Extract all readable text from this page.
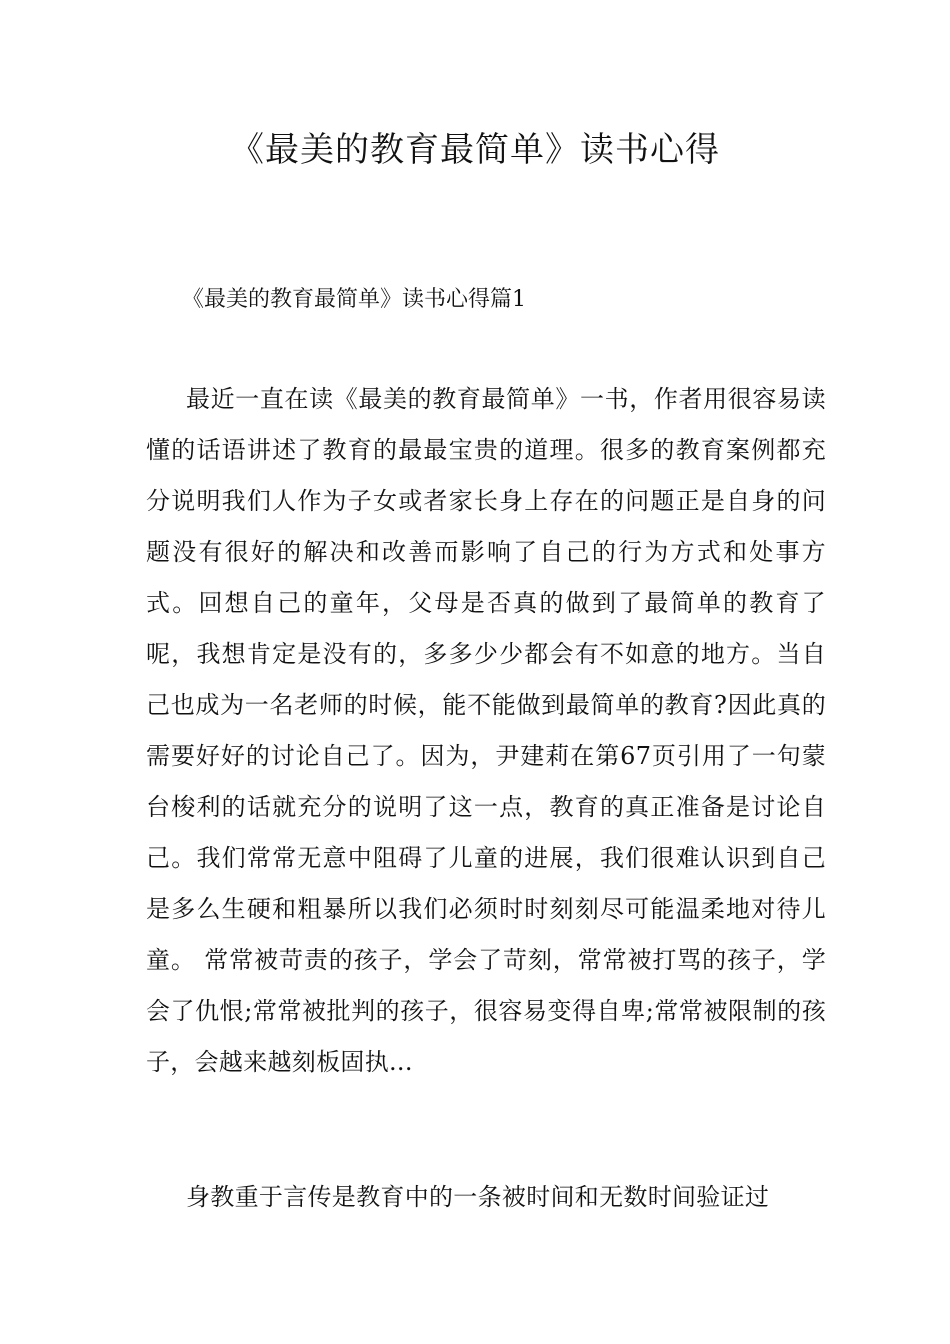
《最美的教育最简单》读书心得
《最美的教育最简单》读书心得篇1

最近一直在读《最美的教育最简单》一书，作者用很容易读懂的话语讲述了教育的最最宝贵的道理。很多的教育案例都充分说明我们人作为子女或者家长身上存在的问题正是自身的问题没有很好的解决和改善而影响了自己的行为方式和处事方式。回想自己的童年，父母是否真的做到了最简单的教育了呢，我想肯定是没有的，多多少少都会有不如意的地方。当自己也成为一名老师的时候，能不能做到最简单的教育?因此真的需要好好的讨论自己了。因为，尹建莉在第67页引用了一句蒙台梭利的话就充分的说明了这一点，教育的真正准备是讨论自己。我们常常无意中阻碍了儿童的进展，我们很难认识到自己是多么生硬和粗暴所以我们必须时时刻刻尽可能温柔地对待儿童。 常常被苛责的孩子，学会了苛刻，常常被打骂的孩子，学会了仇恨;常常被批判的孩子，很容易变得自卑;常常被限制的孩子，会越来越刻板固执...

身教重于言传是教育中的一条被时间和无数时间验证过
